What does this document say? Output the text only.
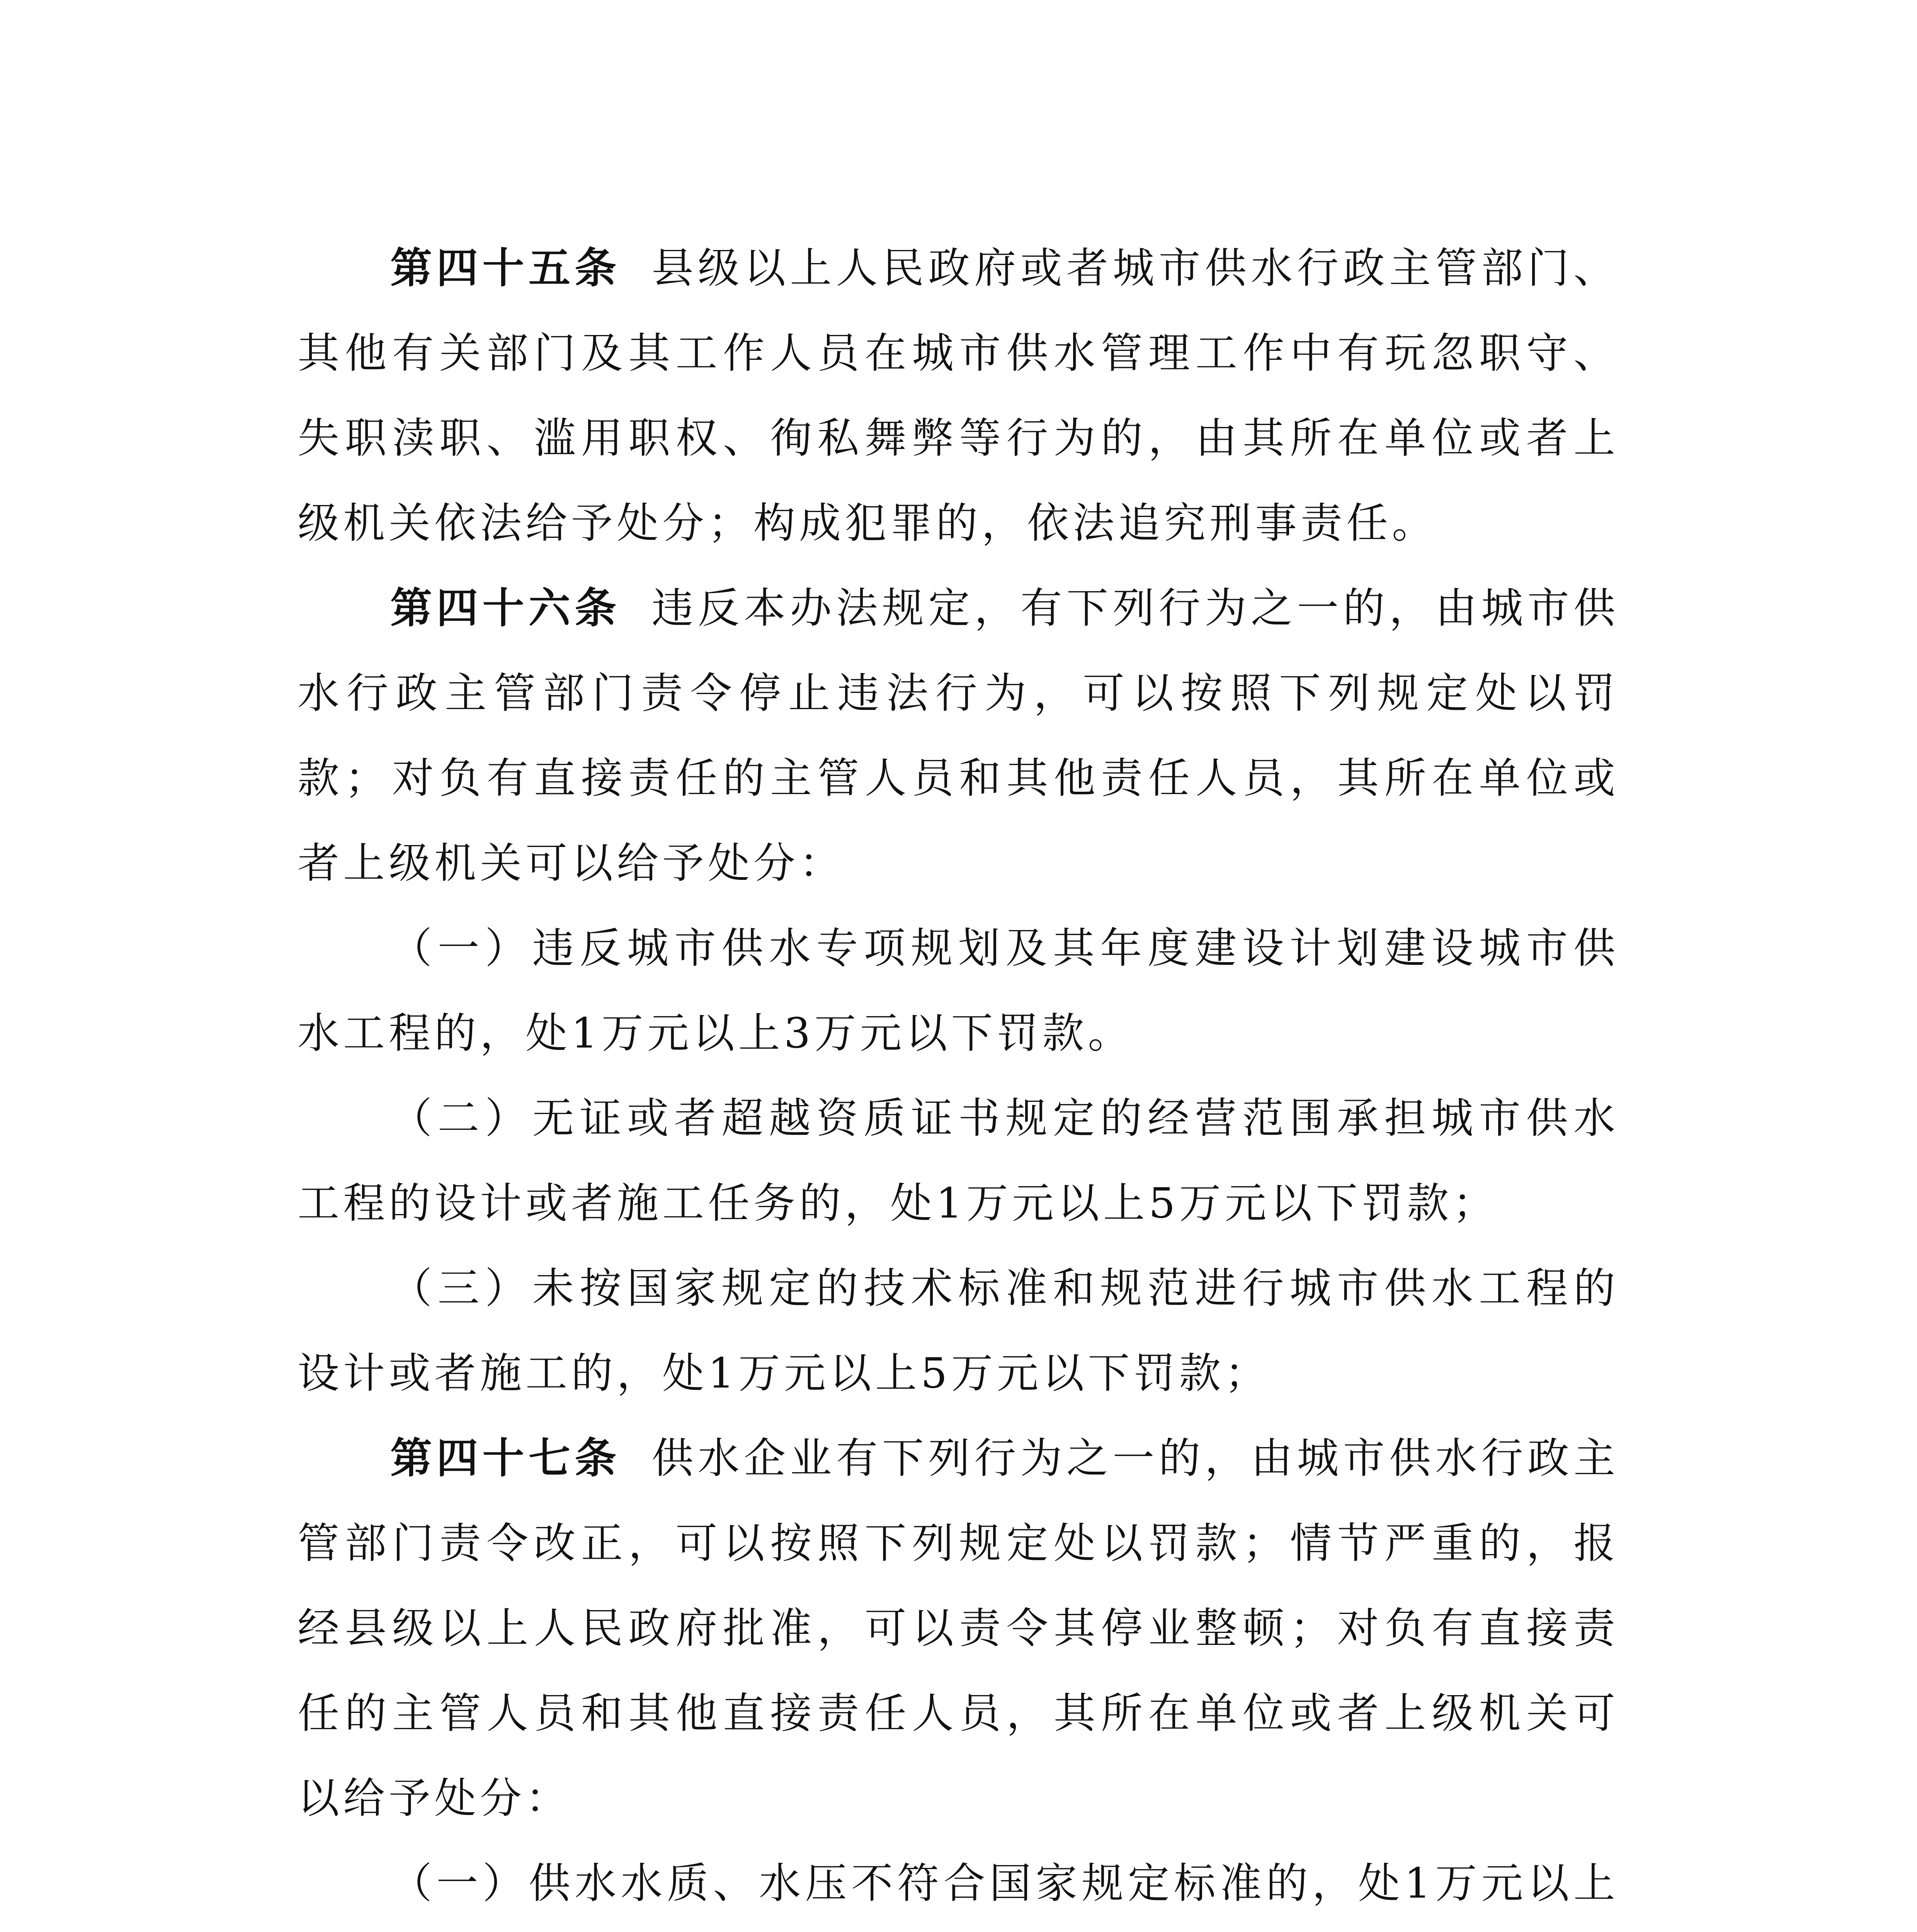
第四十五条 县级以上人民政府或者城市供水行政主管部门、其他有关部门及其工作人员在城市供水管理工作中有玩忽职守、失职渎职、滥用职权、徇私舞弊等行为的，由其所在单位或者上级机关依法给予处分；构成犯罪的，依法追究刑事责任。

第四十六条 违反本办法规定，有下列行为之一的，由城市供水行政主管部门责令停止违法行为，可以按照下列规定处以罚款；对负有直接责任的主管人员和其他责任人员，其所在单位或者上级机关可以给予处分：

（一）违反城市供水专项规划及其年度建设计划建设城市供水工程的，处1万元以上3万元以下罚款。

（二）无证或者超越资质证书规定的经营范围承担城市供水工程的设计或者施工任务的，处1万元以上5万元以下罚款；

（三）未按国家规定的技术标准和规范进行城市供水工程的设计或者施工的，处1万元以上5万元以下罚款；

第四十七条 供水企业有下列行为之一的，由城市供水行政主管部门责令改正，可以按照下列规定处以罚款；情节严重的，报经县级以上人民政府批准，可以责令其停业整顿；对负有直接责任的主管人员和其他直接责任人员，其所在单位或者上级机关可以给予处分：

（一）供水水质、水压不符合国家规定标准的，处1万元以上
